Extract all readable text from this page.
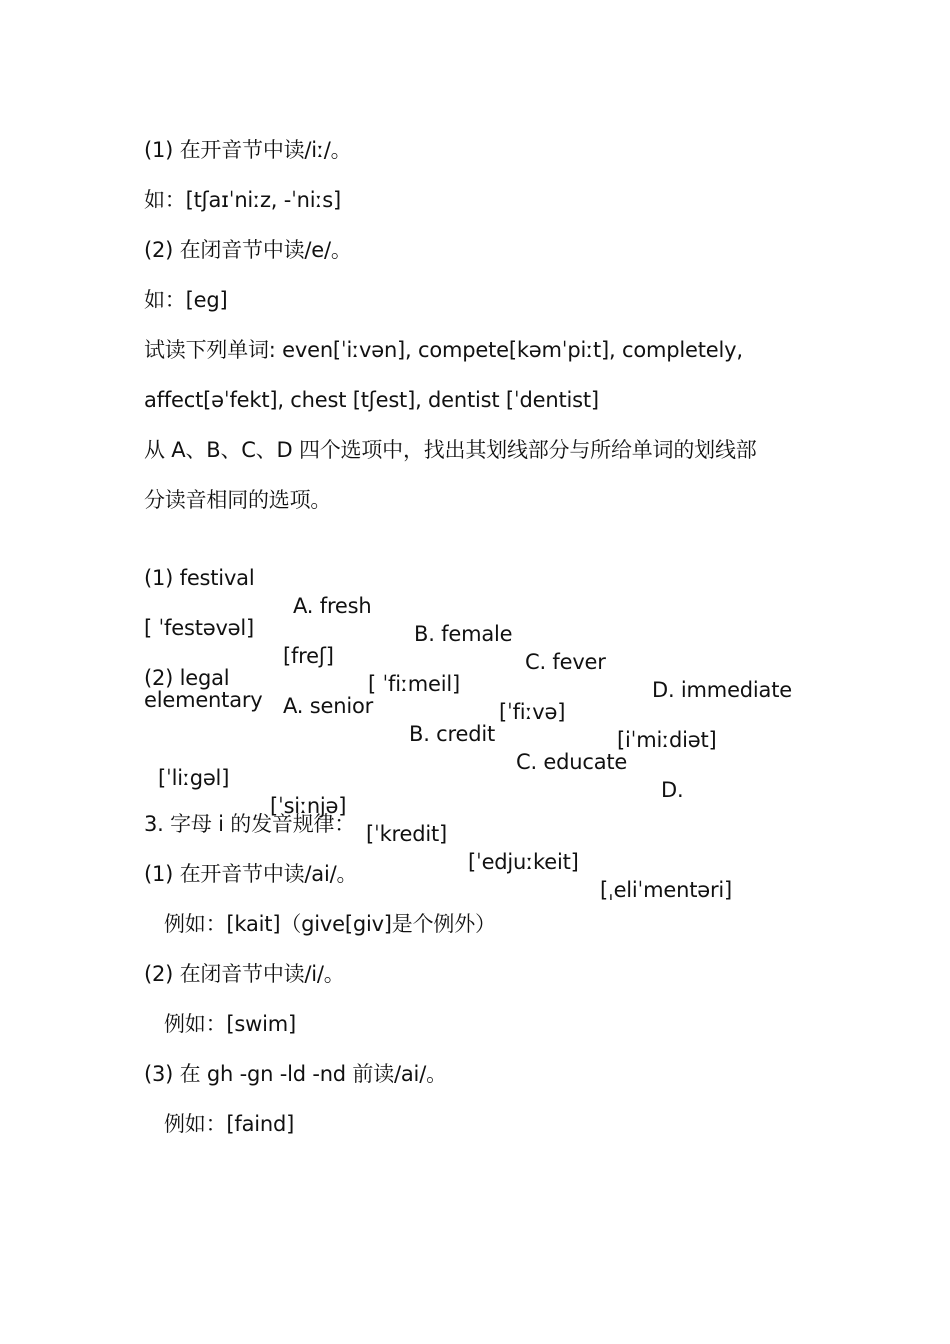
(1) 在开音节中读/iː/。
如：[tʃaɪˈniːz, -ˈniːs]
(2) 在闭音节中读/e/。
如：[eg]
试读下列单词: even[ˈiːvən], compete[kəmˈpiːt], completely,
affect[əˈfekt], chest [tʃest], dentist [ˈdentist]
从 A、B、C、D 四个选项中，找出其划线部分与所给单词的划线部
分读音相同的选项。

(1) festival

A. fresh

B. female

C. fever

D. immediate

[ ˈfestəvəl]

[freʃ]

[ ˈfiːmeil]

[ˈfiːvə]

[iˈmiːdiət]

(2) legal

A. senior

B. credit

C. educate

D.

elementary

[ˈliːgəl]

[ˈsiːnjə]

[ˈkredit]

[ˈedjuːkeit]

[ˌeliˈmentəri]

3. 字母 i 的发音规律：
(1) 在开音节中读/ai/。
例如：[kait]（give[giv]是个例外）
(2) 在闭音节中读/i/。
例如：[swim]
(3) 在 gh -gn -ld -nd 前读/ai/。
例如：[faind]
